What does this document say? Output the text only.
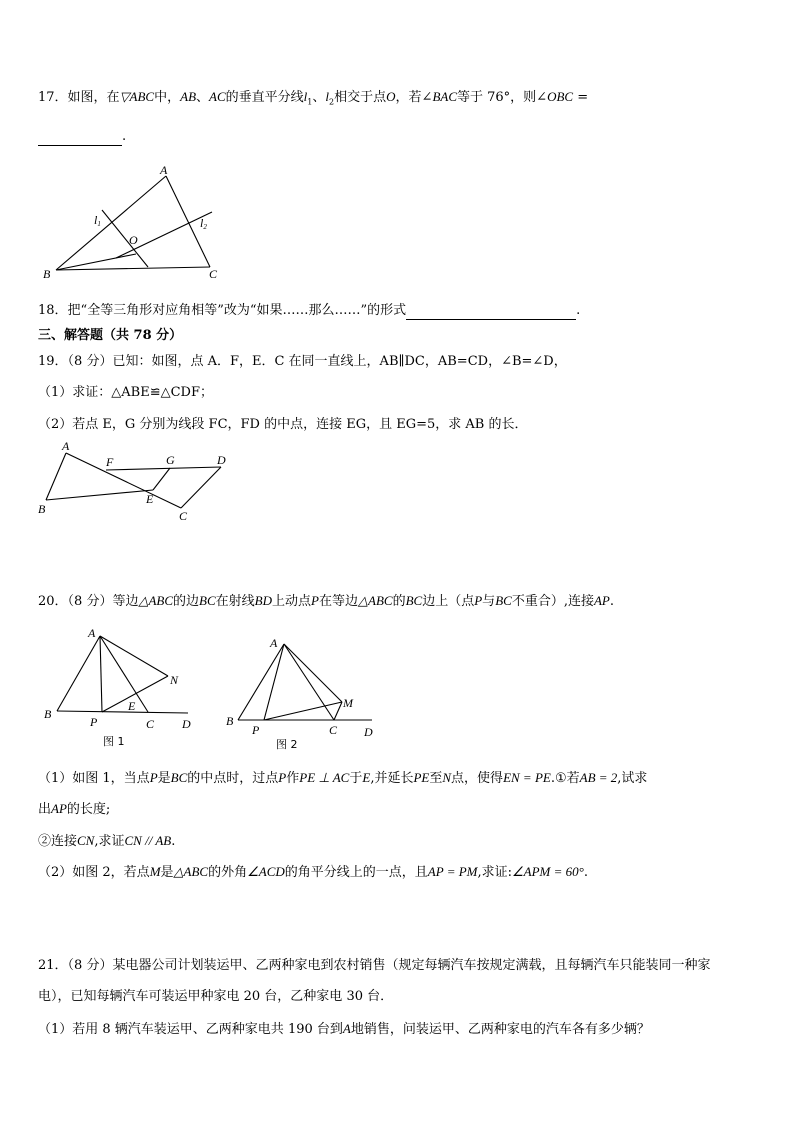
17．如图，在▽ABC中，AB、AC的垂直平分线$l_1$、$l_2$相交于点O，若∠BAC等于 76°，则∠OBC =
.
A
B	C
O
l1	l2
18．把“全等三角形对应角相等”改为“如果……那么……”的形式	.
三、解答题（共 78 分）
19．（8 分）已知：如图，点 A．F，E．C 在同一直线上，AB∥DC，AB=CD，∠B=∠D，
（1）求证：△ABE≌△CDF；
（2）若点 E，G 分别为线段 FC，FD 的中点，连接 EG，且 EG=5，求 AB 的长．
A
B	C
D
E
F	G
20．（8 分）等边△ABC的边BC在射线BD上动点P在等边△ABC的BC边上（点P与BC不重合）,连接AP.
A
B
P
E
C D
N
图 1
A
B
P	C D
M
图 2
（1）如图 1，当点P是BC的中点时，过点P作PE ⊥ AC于E,并延长PE至N点，使得EN = PE.①若AB = 2,试求
出AP的长度;
②连接CN,求证CN // AB.
（2）如图 2，若点M是△ABC的外角∠ACD的角平分线上的一点，且AP = PM,求证:∠APM = 60°.
21．（8 分）某电器公司计划装运甲、乙两种家电到农村销售（规定每辆汽车按规定满载，且每辆汽车只能装同一种家
电），已知每辆汽车可装运甲种家电 20 台，乙种家电 30 台．
（1）若用 8 辆汽车装运甲、乙两种家电共 190 台到A地销售，问装运甲、乙两种家电的汽车各有多少辆？
